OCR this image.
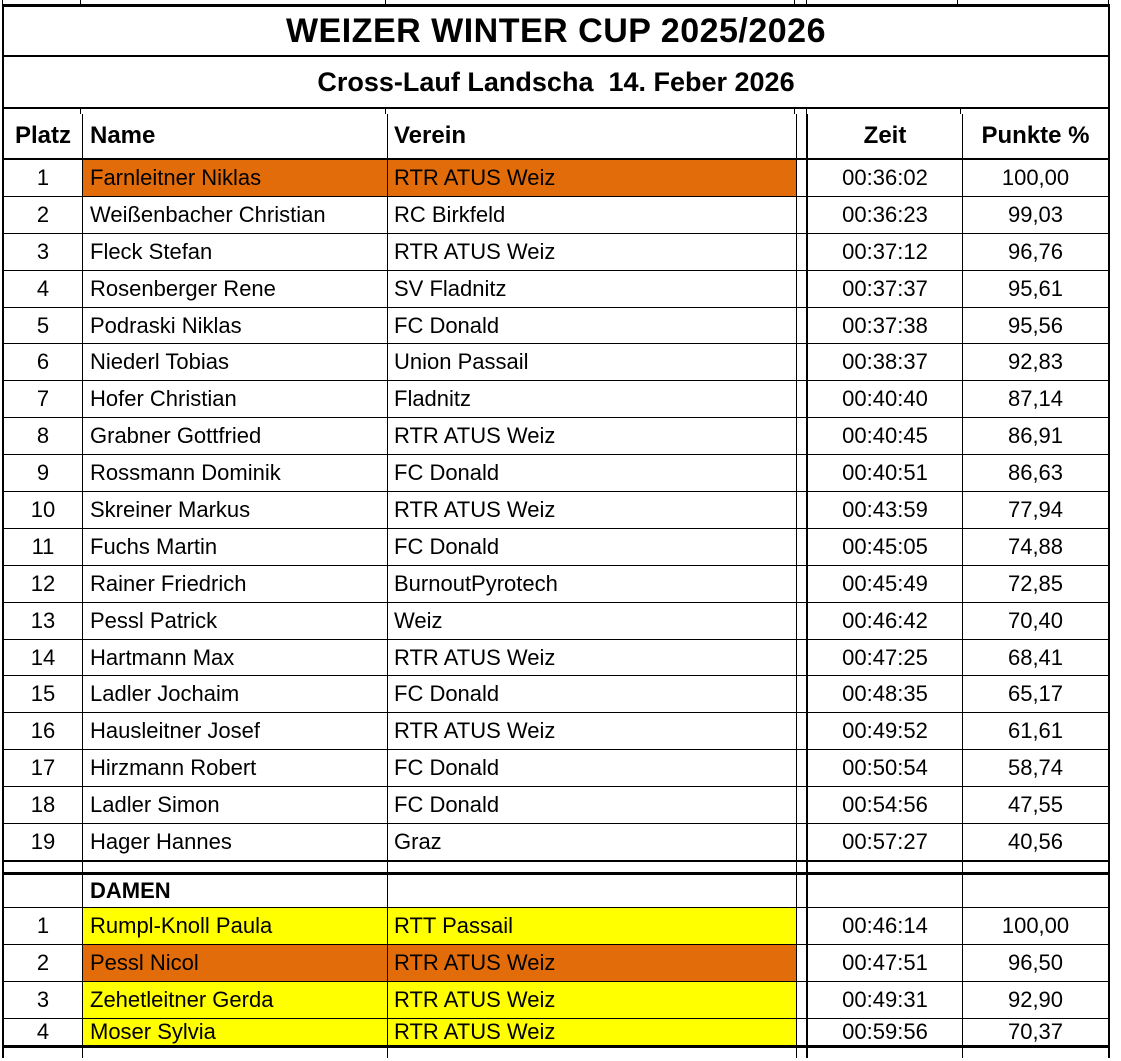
WEIZER WINTER CUP 2025/2026
Cross-Lauf Landscha  14. Feber 2026
Platz Name	Verein	Zeit	Punkte %
1	Farnleitner Niklas	RTR ATUS Weiz	00:36:02	100,00
2	Weißenbacher Christian	RC Birkfeld	00:36:23	99,03
3	Fleck Stefan	RTR ATUS Weiz	00:37:12	96,76
4	Rosenberger Rene	SV Fladnitz	00:37:37	95,61
5	Podraski Niklas	FC Donald	00:37:38	95,56
6	Niederl Tobias	Union Passail	00:38:37	92,83
7	Hofer Christian	Fladnitz	00:40:40	87,14
8	Grabner Gottfried	RTR ATUS Weiz	00:40:45	86,91
9	Rossmann Dominik	FC Donald	00:40:51	86,63
10	Skreiner Markus	RTR ATUS Weiz	00:43:59	77,94
11	Fuchs Martin	FC Donald	00:45:05	74,88
12	Rainer Friedrich	BurnoutPyrotech	00:45:49	72,85
13	Pessl Patrick	Weiz	00:46:42	70,40
14	Hartmann Max	RTR ATUS Weiz	00:47:25	68,41
15	Ladler Jochaim	FC Donald	00:48:35	65,17
16	Hausleitner Josef	RTR ATUS Weiz	00:49:52	61,61
17	Hirzmann Robert	FC Donald	00:50:54	58,74
18	Ladler Simon	FC Donald	00:54:56	47,55
19	Hager Hannes	Graz	00:57:27	40,56
DAMEN
1	Rumpl-Knoll Paula	RTT Passail	00:46:14	100,00
2	Pessl Nicol	RTR ATUS Weiz	00:47:51	96,50
3	Zehetleitner Gerda	RTR ATUS Weiz	00:49:31	92,90
4	Moser Sylvia	RTR ATUS Weiz	00:59:56	70,37
